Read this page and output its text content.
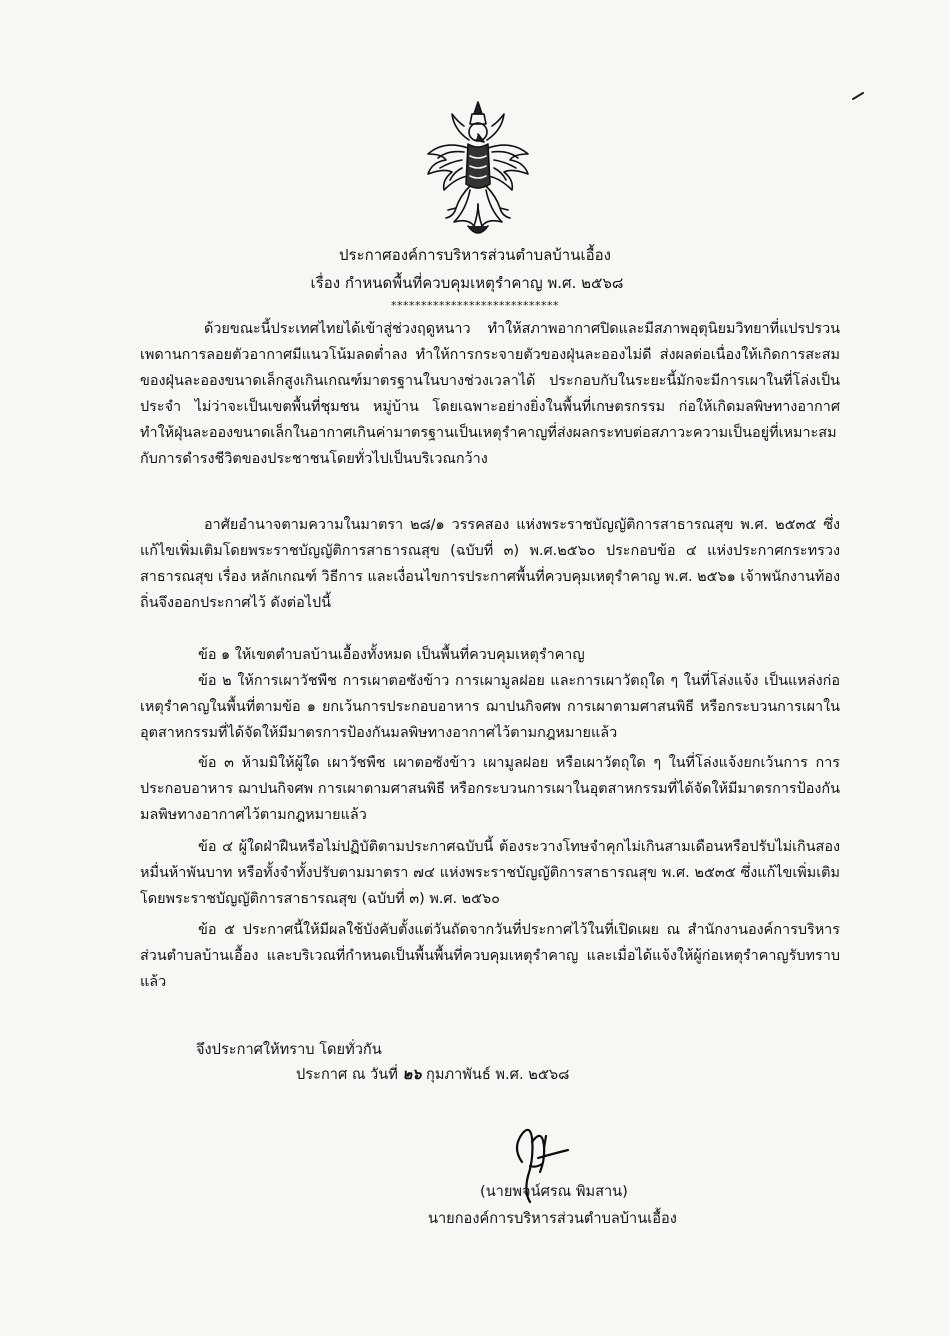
ประกาศองค์การบริหารส่วนตำบลบ้านเอื้อง
เรื่อง กำหนดพื้นที่ควบคุมเหตุรำคาญ พ.ศ. ๒๕๖๘
****************************

ด้วยขณะนี้ประเทศไทยได้เข้าสู่ช่วงฤดูหนาว ทำให้สภาพอากาศปิดและมีสภาพอุตุนิยมวิทยาที่แปรปรวน เพดานการลอยตัวอากาศมีแนวโน้มลดต่ำลง ทำให้การกระจายตัวของฝุ่นละอองไม่ดี ส่งผลต่อเนื่องให้เกิดการสะสมของฝุ่นละอองขนาดเล็กสูงเกินเกณฑ์มาตรฐานในบางช่วงเวลาได้ ประกอบกับในระยะนี้มักจะมีการเผาในที่โล่งเป็นประจำ ไม่ว่าจะเป็นเขตพื้นที่ชุมชน หมู่บ้าน โดยเฉพาะอย่างยิ่งในพื้นที่เกษตรกรรม ก่อให้เกิดมลพิษทางอากาศ ทำให้ฝุ่นละอองขนาดเล็กในอากาศเกินค่ามาตรฐานเป็นเหตุรำคาญที่ส่งผลกระทบต่อสภาวะความเป็นอยู่ที่เหมาะสมกับการดำรงชีวิตของประชาชนโดยทั่วไปเป็นบริเวณกว้าง

อาศัยอำนาจตามความในมาตรา ๒๘/๑ วรรคสอง แห่งพระราชบัญญัติการสาธารณสุข พ.ศ. ๒๕๓๕ ซึ่งแก้ไขเพิ่มเติมโดยพระราชบัญญัติการสาธารณสุข (ฉบับที่ ๓) พ.ศ.๒๕๖๐ ประกอบข้อ ๔ แห่งประกาศกระทรวงสาธารณสุข เรื่อง หลักเกณฑ์ วิธีการ และเงื่อนไขการประกาศพื้นที่ควบคุมเหตุรำคาญ พ.ศ. ๒๕๖๑ เจ้าพนักงานท้องถิ่นจึงออกประกาศไว้ ดังต่อไปนี้

ข้อ ๑ ให้เขตตำบลบ้านเอื้องทั้งหมด เป็นพื้นที่ควบคุมเหตุรำคาญ

ข้อ ๒ ให้การเผาวัชพืช การเผาตอซังข้าว การเผามูลฝอย และการเผาวัตถุใด ๆ ในที่โล่งแจ้ง เป็นแหล่งก่อเหตุรำคาญในพื้นที่ตามข้อ ๑ ยกเว้นการประกอบอาหาร ฌาปนกิจศพ การเผาตามศาสนพิธี หรือกระบวนการเผาในอุตสาหกรรมที่ได้จัดให้มีมาตรการป้องกันมลพิษทางอากาศไว้ตามกฎหมายแล้ว

ข้อ ๓ ห้ามมิให้ผู้ใด เผาวัชพืช เผาตอซังข้าว เผามูลฝอย หรือเผาวัตถุใด ๆ ในที่โล่งแจ้งยกเว้นการ การประกอบอาหาร ฌาปนกิจศพ การเผาตามศาสนพิธี หรือกระบวนการเผาในอุตสาหกรรมที่ได้จัดให้มีมาตรการป้องกันมลพิษทางอากาศไว้ตามกฎหมายแล้ว

ข้อ ๔ ผู้ใดฝ่าฝืนหรือไม่ปฏิบัติตามประกาศฉบับนี้ ต้องระวางโทษจำคุกไม่เกินสามเดือนหรือปรับไม่เกินสองหมื่นห้าพันบาท หรือทั้งจำทั้งปรับตามมาตรา ๗๔ แห่งพระราชบัญญัติการสาธารณสุข พ.ศ. ๒๕๓๕ ซึ่งแก้ไขเพิ่มเติมโดยพระราชบัญญัติการสาธารณสุข (ฉบับที่ ๓) พ.ศ. ๒๕๖๐

ข้อ ๕ ประกาศนี้ให้มีผลใช้บังคับตั้งแต่วันถัดจากวันที่ประกาศไว้ในที่เปิดเผย ณ สำนักงานองค์การบริหารส่วนตำบลบ้านเอื้อง และบริเวณที่กำหนดเป็นพื้นพื้นที่ควบคุมเหตุรำคาญ และเมื่อได้แจ้งให้ผู้ก่อเหตุรำคาญรับทราบแล้ว

จึงประกาศให้ทราบ โดยทั่วกัน
ประกาศ ณ วันที่ ๒๖ กุมภาพันธ์ พ.ศ. ๒๕๖๘
(นายพจน์ศรณ พิมสาน)
นายกองค์การบริหารส่วนตำบลบ้านเอื้อง
